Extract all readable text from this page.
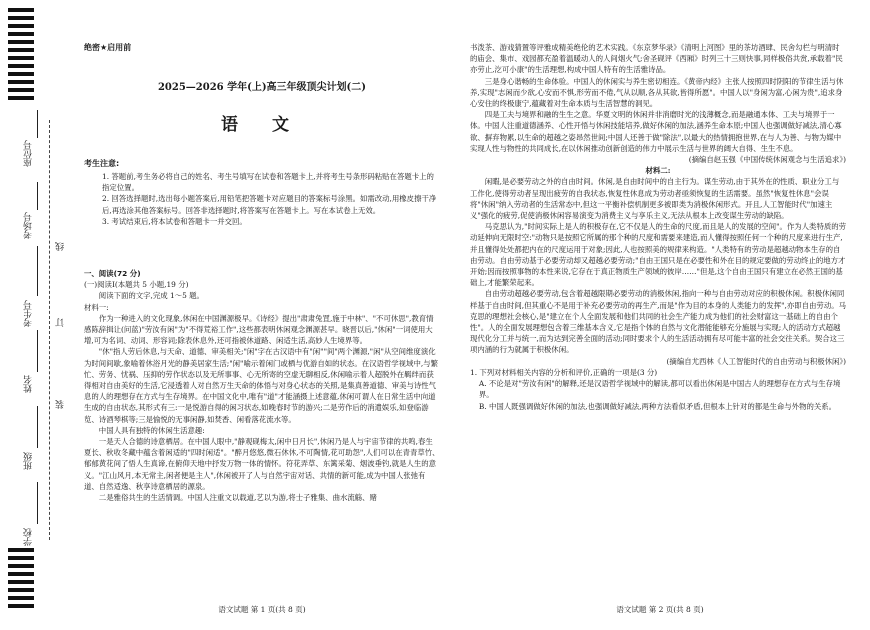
座位号
考场号
考生号
姓名
班级
学校
线
订
装
绝密★启用前
2025—2026 学年(上)高三年级顶尖计划(二)
语 文
考生注意:

1. 答题前,考生务必将自己的姓名、考生号填写在试卷和答题卡上,并将考生号条形码粘贴在答题卡上的指定位置。

2. 回答选择题时,选出每小题答案后,用铅笔把答题卡对应题目的答案标号涂黑。如需改动,用橡皮擦干净后,再选涂其他答案标号。回答非选择题时,将答案写在答题卡上。写在本试卷上无效。

3. 考试结束后,将本试卷和答题卡一并交回。

一、阅读(72 分)

(一)阅读Ⅰ(本题共 5 小题,19 分)

阅读下面的文字,完成 1～5 题。

材料一:

作为一种进入的文化现象,休闲在中国渊源极早。《诗经》提出"肃肃兔罝,施于中林"、"不可休思",教育情感陈辞揖让(问蓝)"劳汝有闲"为"不得荒裕工作",这些都表明休闲观念渊源甚早。晓晋以后,"休闲"一词使用大增,可为名词、动词、形容词;除表休息外,还可指被休道路、闲适生活,高妙人生境界等。

"休"指人劳后休息,与天命、道德、审美相关;"闲"字在古汉语中有"闲""间"两个渊源,"闲"从空间维度演化为时间间歇,象喻着休浴月光的静美居家生活;"闲"喻示着闲门或栖与优游自如的状态。在汉语哲学视域中,与繁忙、劳务、忧祸、压抑的劳作状态以及无所事事、心无所寄的空虚无聊相反,休闲喻示着人超脱外在羁绊而获得相对自由美好的生活,它浸透着人对自然万生天命的体悟与对身心状态的关照,是集真善道德、审美与诗性气息的人的理想存在方式与生存境界。在中国文化中,唯有"道"才能涵摄上述意蕴,休闲可谓人在日常生活中向道生成的自由状态,其形式有三:一是悦游自得的闲习状态,如晚春时节的游兴;二是劳作后的消遣娱乐,如登临游览、诗酒琴棋等;三是愉悦的无事闲静,如焚香、闲看落花流水等。

中国人具有独特的休闲生活意趣:

一是天人合德的诗意栖居。在中国人眼中,"静观砚梅太,闲中日月长",休闲乃是人与宇宙节律的共鸣,春生夏长、秋收冬藏中蕴含着闲适的"四时闲适"。"醉月悠悠,微石休休,不可陶情,花可助怨",人们可以在青青草竹、郁郁黄花间了悟人生真谛,在俯仰天地中抒发万物一体的情怀。符花弄草、东篱采菊、烟波垂钓,就是人生的意义。"江山风月,本无常主,闲者便是主人",休闲被开了人与自然宇宙对话、共情的新可能,成为中国人张弛有道、自然适逸、秋享诗意栖居的源泉。

二是雅俗共生的生活情调。中国人注重文以载道,艺以为游,将士子雅集、曲水流觞、赌

语文试题 第 1 页(共 8 页)

书泼茶、游戏猜置等评雅成精美绝伦的艺术实践。《东京梦华录》《清明上河图》里的茶坊酒肆、民舍勾栏与明清时的庙会、集市、戏园都充盈着温暖动人的人间烟火气;舍圣砚评《西厢》时列三十三则快事,同样极俗共赏,承载着"民亦劳止,汔可小康"的生活理想,构成中国人特有的生活雅诗品。

三是身心谐畅的生命体验。中国人的休闲实与养生密切相连。《黄帝内经》主张人按照四时阴阳的节律生活与休养,实现"志闲而少欲,心安而不惧,形劳而不倦,气从以顺,各从其欲,皆得所愿"。中国人以"身闲为富,心闲为贵",追求身心安住的终极康宁,蕴藏着对生命本质与生活智慧的洞见。

四是工夫与境界和融的生生之意。华夏文明的休闲并非消磨时光的浅薄概念,而是融通本体、工夫与境界于一体。中国人注重道德涵养、心性开悟与休闲技能培养,做好休闲的加法,涵养生命本原;中国人也强调做好减法,清心寡欲、摒弃物累,以生命的超越之姿昂然世间;中国人还善于做"除法",以最大的热情拥抱世界,在与人为善、与物为媒中实现人性与物性的共同成长,在以休闲推动创新创造的伟力中展示生活与世界的阔大自得、生生不息。

(摘编自赵玉强《中国传统休闲观念与生活追求》)

材料二:

闲暇,是必要劳动之外的自由时间。休闲,是自由时间中的自主行为。谋生劳动,由于其外在的性质、职业分工与工作化,使得劳动者呈现出疲劳的自我状态,恢复性休息成为劳动者亟须恢复的生活需要。虽然"恢复性休息"会误将"休闲"纳入劳动者的生活常态中,但这一平衡补偿机制更多被即类为消极休闲形式。开且,人工智能时代"加速主义"强化的疲劳,促使消极休闲容易演变为消费主义与享乐主义,无法从根本上改变谋生劳动的缺陷。

马克思认为,"时间实际上是人的积极存在,它不仅是人的生命的尺度,而且是人的发展的空间"。作为人类特质的劳动延伸向无限时空:"动物只是按照它所属的那个种的尺度和需要来建造,而人懂得按照任何一个种的尺度来进行生产,并且懂得处处都把内在的尺度运用于对象;因此,人也按照美的规律来构造。"人类特有的劳动是超越动物本生存的自由劳动。自由劳动基于必要劳动却又超越必要劳动;"自由王国只是在必要性和外在目的规定要做的劳动终止的地方才开始;因而按照事物的本性来说,它存在于真正物质生产领域的彼岸……"但是,这个自由王国只有建立在必然王国的基础上,才能繁荣起来。

自由劳动超越必要劳动,包含着超越限期必要劳动的消极休闲,指向一种与自由劳动对应的积极休闲。积极休闲同样基于自由时间,但其重心不是用于补充必要劳动的再生产,而是"作为目的本身的人类能力的发挥",亦即自由劳动。马克思的理想社会核心,是"建立在个人全面发展和他们共同的社会生产能力成为他们的社会财富这一基础上的自由个性"。人的全面发展理想包含着三维基本含义,它是指个体的自然与文化潜能能够充分施展与实现;人的活动方式超越现代化分工并与统一,而为达到完善全面的活动;同时要求个人的生活活动拥有尽可能丰富的社会交往关系。契合这三项内涵的行为就属于积极休闲。

(摘编自尤西林《人工智能时代的自由劳动与积极休闲》)

1. 下列对材料相关内容的分析和评价,正确的一项是(3 分)

A. 不论是对"劳汝有闲"的解释,还是汉语哲学视域中的解读,都可以看出休闲是中国古人的理想存在方式与生存境界。

B. 中国人既强调做好休闲的加法,也强调做好减法,两种方法看似矛盾,但根本上针对的都是生命与外物的关系。

语文试题 第 2 页(共 8 页)
